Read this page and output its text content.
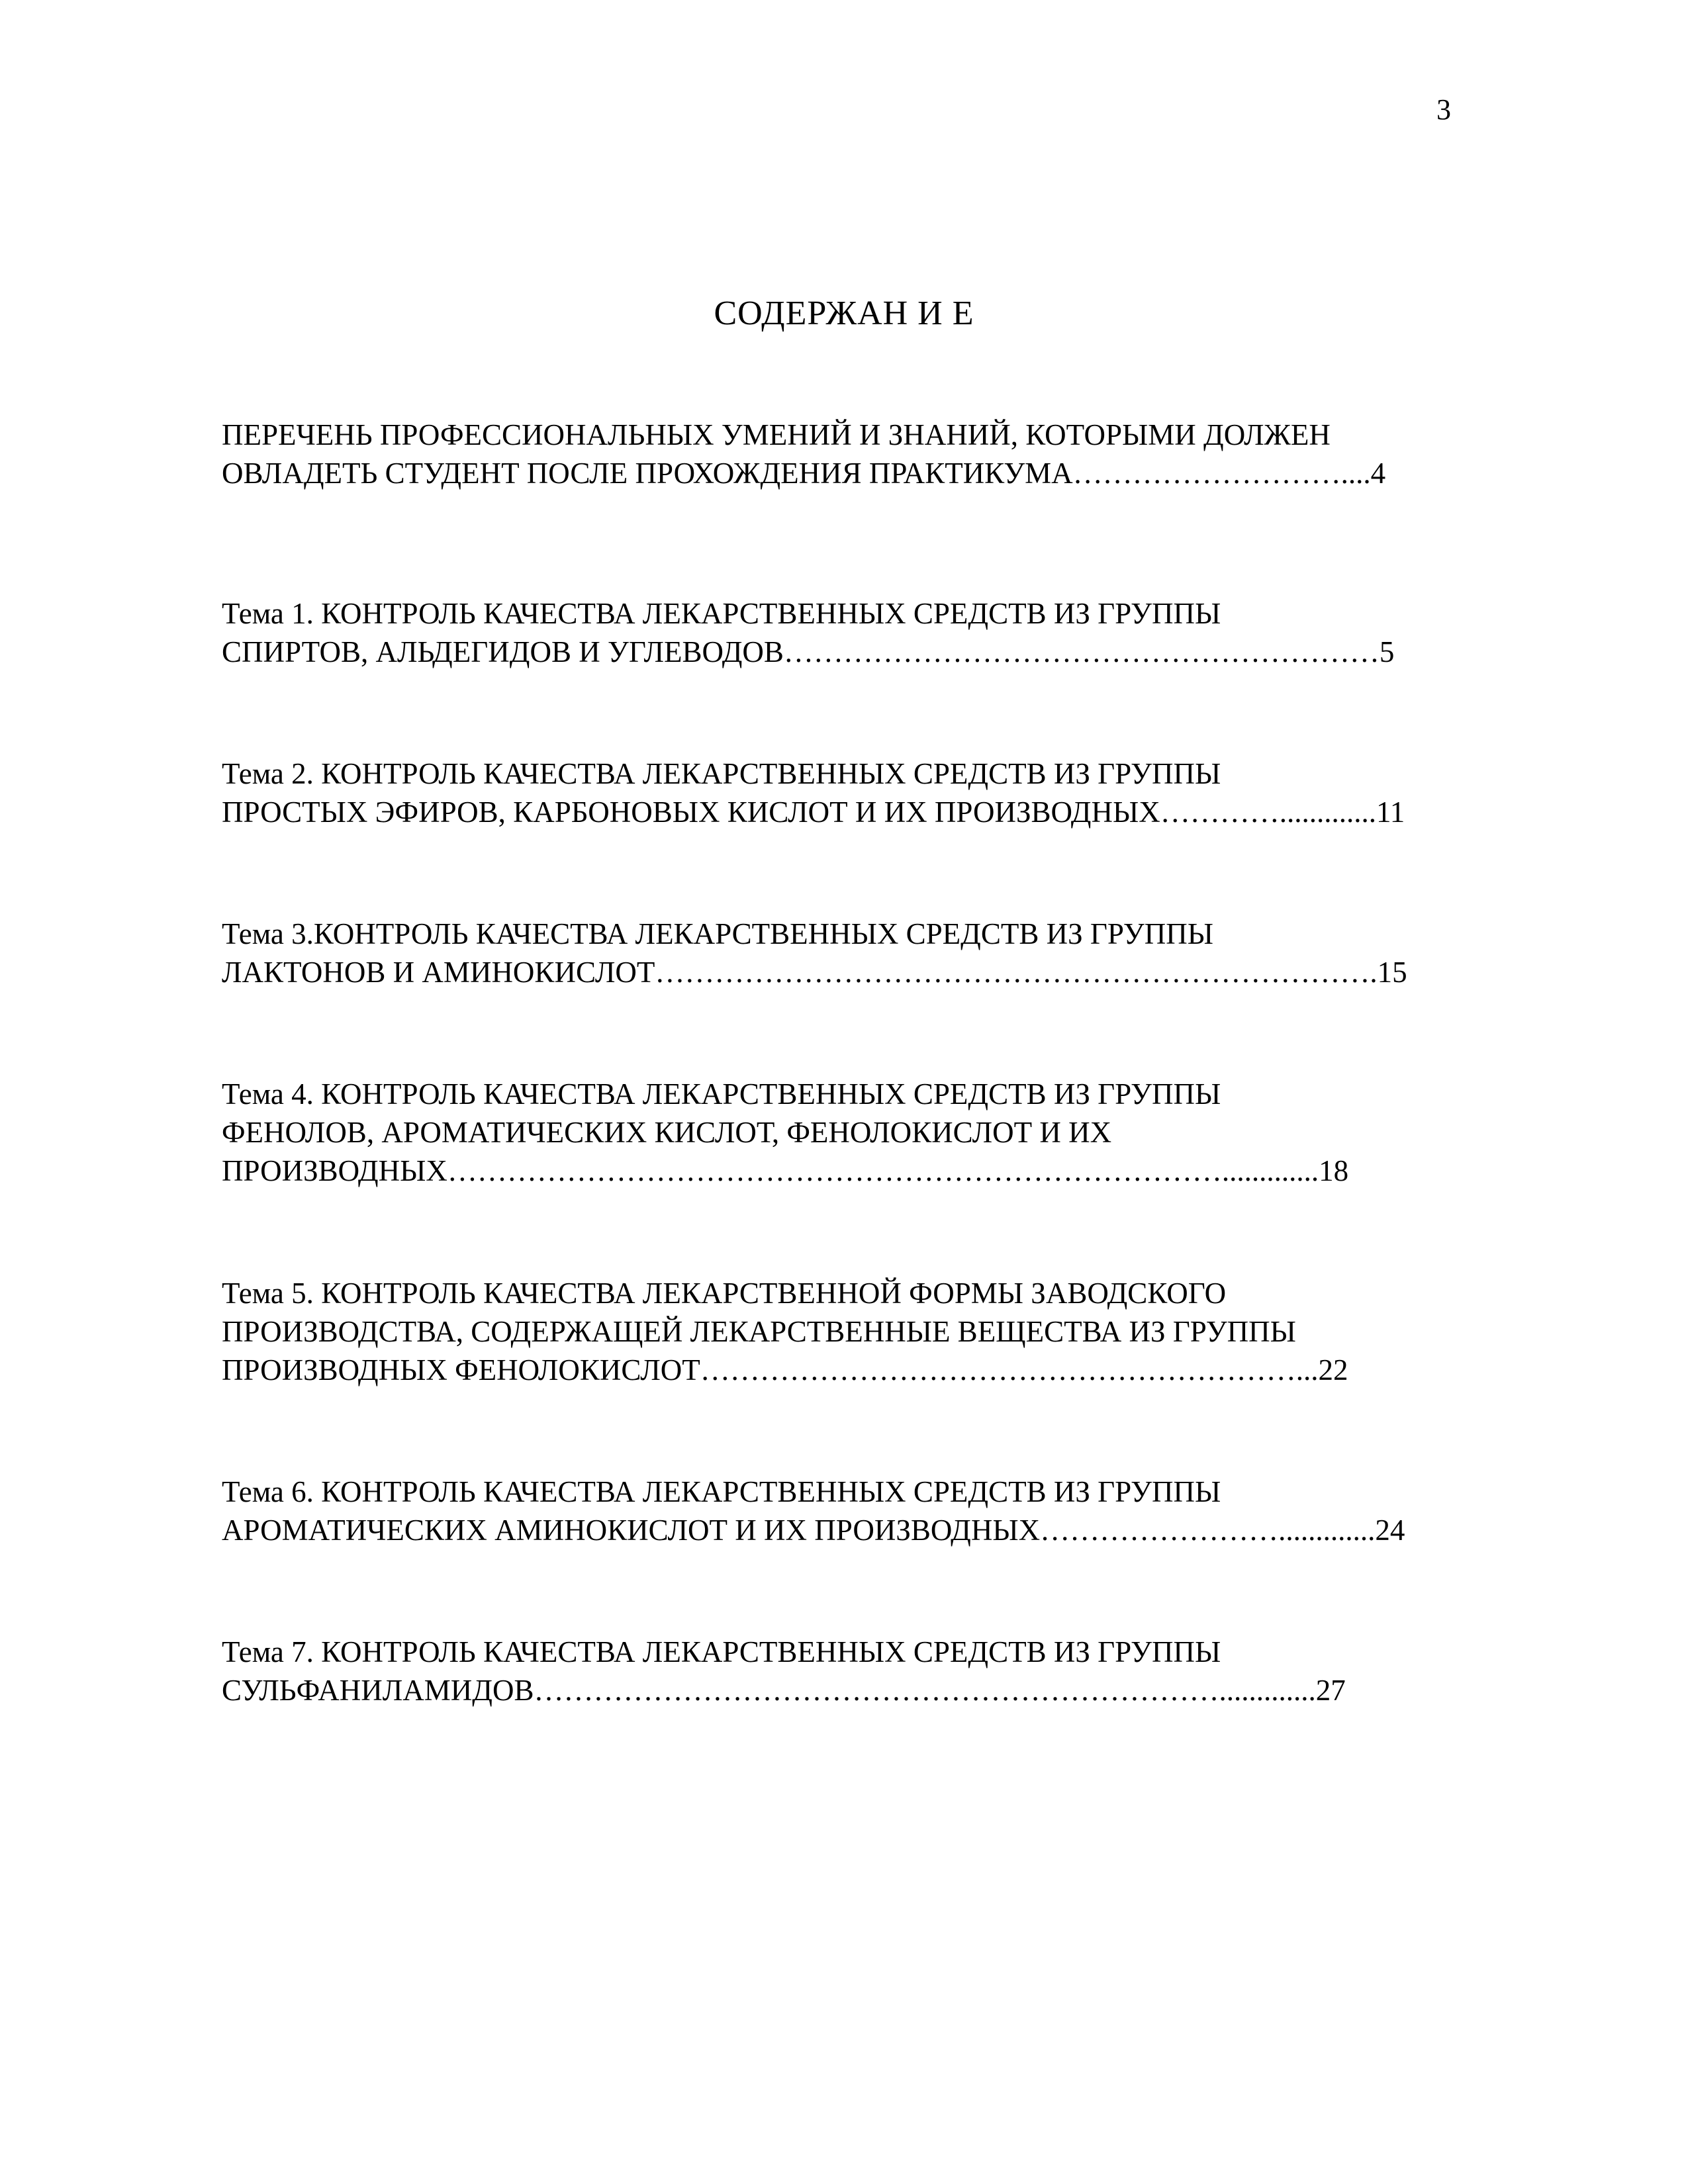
3
СОДЕРЖАН И Е
ПЕРЕЧЕНЬ ПРОФЕССИОНАЛЬНЫХ УМЕНИЙ И ЗНАНИЙ, КОТОРЫМИ ДОЛЖЕН
ОВЛАДЕТЬ СТУДЕНТ ПОСЛЕ ПРОХОЖДЕНИЯ ПРАКТИКУМА………………………....4
Тема 1. КОНТРОЛЬ КАЧЕСТВА ЛЕКАРСТВЕННЫХ СРЕДСТВ ИЗ ГРУППЫ
СПИРТОВ, АЛЬДЕГИДОВ И УГЛЕВОДОВ……………………………………………………5
Тема 2. КОНТРОЛЬ КАЧЕСТВА ЛЕКАРСТВЕННЫХ СРЕДСТВ ИЗ ГРУППЫ
ПРОСТЫХ ЭФИРОВ, КАРБОНОВЫХ КИСЛОТ И ИХ ПРОИЗВОДНЫХ………….............11
Тема 3.КОНТРОЛЬ КАЧЕСТВА ЛЕКАРСТВЕННЫХ СРЕДСТВ ИЗ ГРУППЫ
ЛАКТОНОВ И АМИНОКИСЛОТ……………………………………………………………….15
Тема 4. КОНТРОЛЬ КАЧЕСТВА ЛЕКАРСТВЕННЫХ СРЕДСТВ ИЗ ГРУППЫ
ФЕНОЛОВ, АРОМАТИЧЕСКИХ КИСЛОТ, ФЕНОЛОКИСЛОТ И ИХ
ПРОИЗВОДНЫХ…………………………………………………………………….............18
Тема 5. КОНТРОЛЬ КАЧЕСТВА ЛЕКАРСТВЕННОЙ ФОРМЫ ЗАВОДСКОГО
ПРОИЗВОДСТВА, СОДЕРЖАЩЕЙ ЛЕКАРСТВЕННЫЕ ВЕЩЕСТВА ИЗ ГРУППЫ
ПРОИЗВОДНЫХ ФЕНОЛОКИСЛОТ……………………………………………………...22
Тема 6. КОНТРОЛЬ КАЧЕСТВА ЛЕКАРСТВЕННЫХ СРЕДСТВ ИЗ ГРУППЫ
АРОМАТИЧЕСКИХ АМИНОКИСЛОТ И ИХ ПРОИЗВОДНЫХ…………………….............24
Тема 7. КОНТРОЛЬ КАЧЕСТВА ЛЕКАРСТВЕННЫХ СРЕДСТВ ИЗ ГРУППЫ
СУЛЬФАНИЛАМИДОВ…………………………………………………………….............27
